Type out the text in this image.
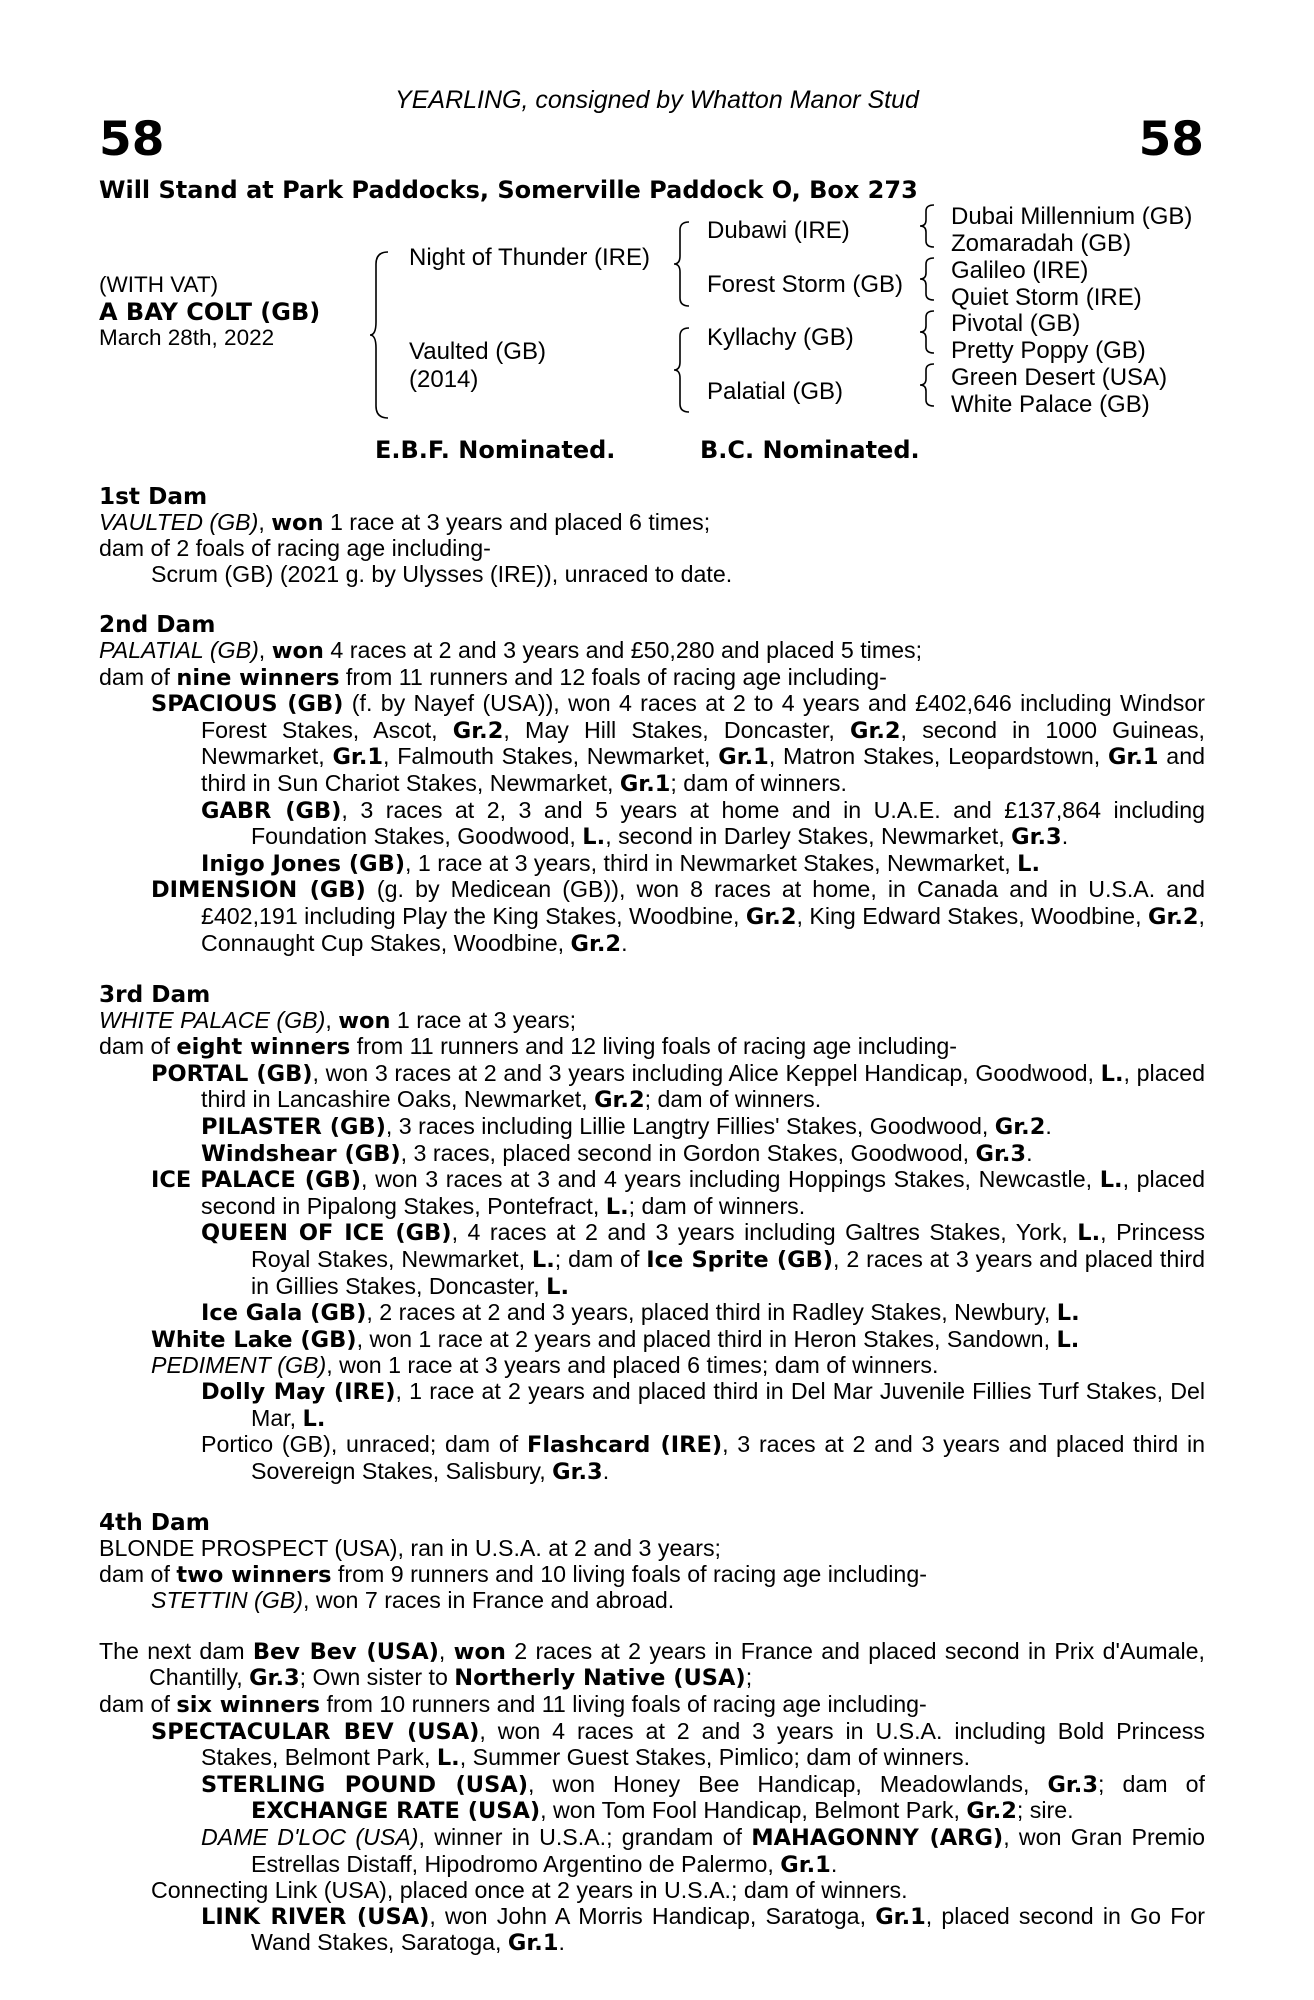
YEARLING, consigned by Whatton Manor Stud
58	58
Will Stand at Park Paddocks, Somerville Paddock O, Box 273
(WITH VAT)
A BAY COLT (GB)
March 28th, 2022
Night of Thunder (IRE)
Vaulted (GB)
(2014)
Dubawi (IRE)
Forest Storm (GB)
Kyllachy (GB)
Palatial (GB)
Dubai Millennium (GB)
Zomaradah (GB)
Galileo (IRE)
Quiet Storm (IRE)
Pivotal (GB)
Pretty Poppy (GB)
Green Desert (USA)
White Palace (GB)
E.B.F. Nominated.	B.C. Nominated.

1st Dam

VAULTED (GB), won 1 race at 3 years and placed 6 times;

dam of 2 foals of racing age including-

Scrum (GB) (2021 g. by Ulysses (IRE)), unraced to date.

2nd Dam

PALATIAL (GB), won 4 races at 2 and 3 years and £50,280 and placed 5 times;

dam of nine winners from 11 runners and 12 foals of racing age including-

SPACIOUS (GB) (f. by Nayef (USA)), won 4 races at 2 to 4 years and £402,646 including Windsor Forest Stakes, Ascot, Gr.2, May Hill Stakes, Doncaster, Gr.2, second in 1000 Guineas, Newmarket, Gr.1, Falmouth Stakes, Newmarket, Gr.1, Matron Stakes, Leopardstown, Gr.1 and third in Sun Chariot Stakes, Newmarket, Gr.1; dam of winners.

GABR (GB), 3 races at 2, 3 and 5 years at home and in U.A.E. and £137,864 including Foundation Stakes, Goodwood, L., second in Darley Stakes, Newmarket, Gr.3.

Inigo Jones (GB), 1 race at 3 years, third in Newmarket Stakes, Newmarket, L.

DIMENSION (GB) (g. by Medicean (GB)), won 8 races at home, in Canada and in U.S.A. and £402,191 including Play the King Stakes, Woodbine, Gr.2, King Edward Stakes, Woodbine, Gr.2, Connaught Cup Stakes, Woodbine, Gr.2.

3rd Dam

WHITE PALACE (GB), won 1 race at 3 years;

dam of eight winners from 11 runners and 12 living foals of racing age including-

PORTAL (GB), won 3 races at 2 and 3 years including Alice Keppel Handicap, Goodwood, L., placed third in Lancashire Oaks, Newmarket, Gr.2; dam of winners.

PILASTER (GB), 3 races including Lillie Langtry Fillies' Stakes, Goodwood, Gr.2.

Windshear (GB), 3 races, placed second in Gordon Stakes, Goodwood, Gr.3.

ICE PALACE (GB), won 3 races at 3 and 4 years including Hoppings Stakes, Newcastle, L., placed second in Pipalong Stakes, Pontefract, L.; dam of winners.

QUEEN OF ICE (GB), 4 races at 2 and 3 years including Galtres Stakes, York, L., Princess Royal Stakes, Newmarket, L.; dam of Ice Sprite (GB), 2 races at 3 years and placed third in Gillies Stakes, Doncaster, L.

Ice Gala (GB), 2 races at 2 and 3 years, placed third in Radley Stakes, Newbury, L.

White Lake (GB), won 1 race at 2 years and placed third in Heron Stakes, Sandown, L.

PEDIMENT (GB), won 1 race at 3 years and placed 6 times; dam of winners.

Dolly May (IRE), 1 race at 2 years and placed third in Del Mar Juvenile Fillies Turf Stakes, Del Mar, L.

Portico (GB), unraced; dam of Flashcard (IRE), 3 races at 2 and 3 years and placed third in Sovereign Stakes, Salisbury, Gr.3.

4th Dam

BLONDE PROSPECT (USA), ran in U.S.A. at 2 and 3 years;

dam of two winners from 9 runners and 10 living foals of racing age including-

STETTIN (GB), won 7 races in France and abroad.

The next dam Bev Bev (USA), won 2 races at 2 years in France and placed second in Prix d'Aumale, Chantilly, Gr.3; Own sister to Northerly Native (USA);

dam of six winners from 10 runners and 11 living foals of racing age including-

SPECTACULAR BEV (USA), won 4 races at 2 and 3 years in U.S.A. including Bold Princess Stakes, Belmont Park, L., Summer Guest Stakes, Pimlico; dam of winners.

STERLING POUND (USA), won Honey Bee Handicap, Meadowlands, Gr.3; dam of EXCHANGE RATE (USA), won Tom Fool Handicap, Belmont Park, Gr.2; sire.

DAME D'LOC (USA), winner in U.S.A.; grandam of MAHAGONNY (ARG), won Gran Premio Estrellas Distaff, Hipodromo Argentino de Palermo, Gr.1.

Connecting Link (USA), placed once at 2 years in U.S.A.; dam of winners.

LINK RIVER (USA), won John A Morris Handicap, Saratoga, Gr.1, placed second in Go For Wand Stakes, Saratoga, Gr.1.
